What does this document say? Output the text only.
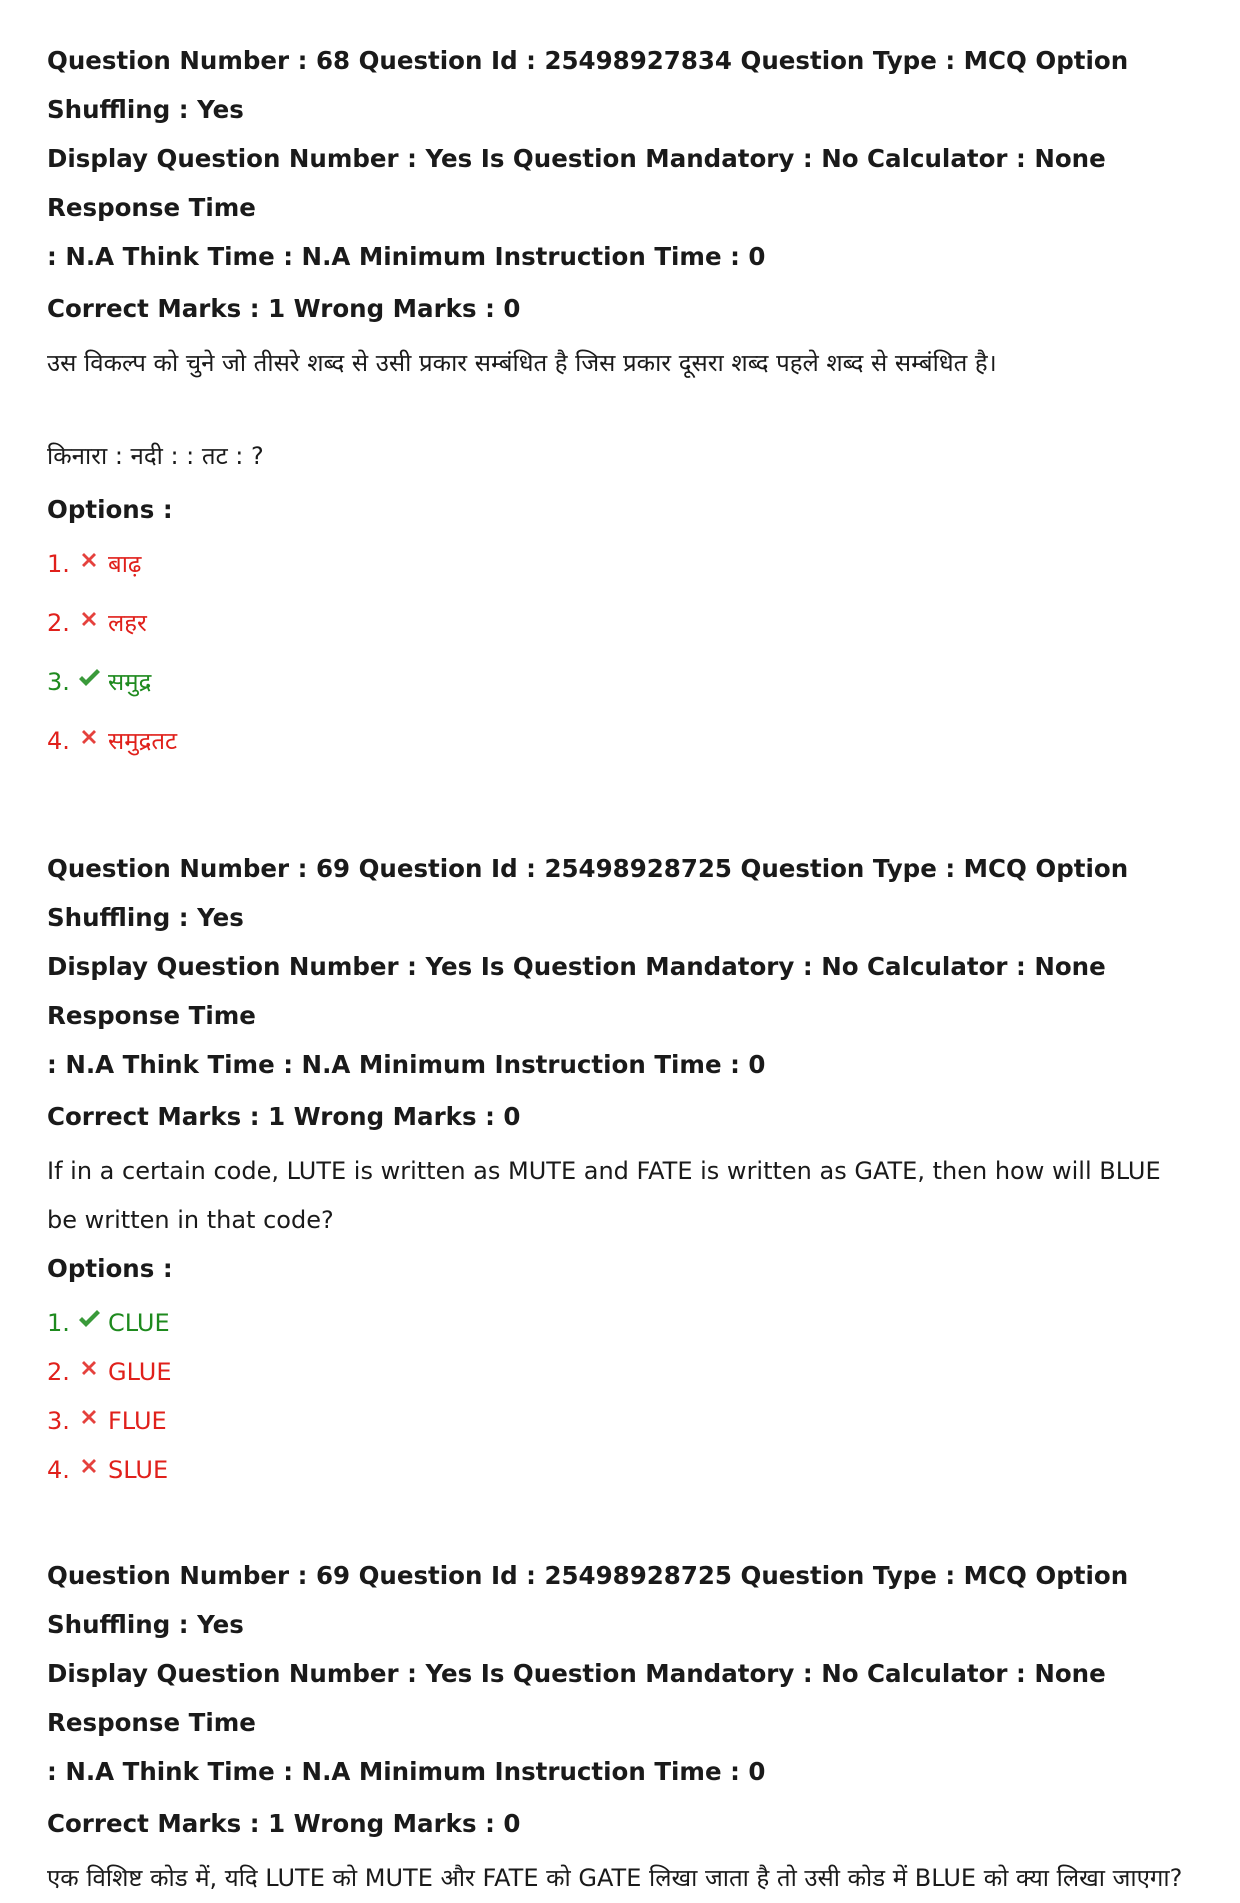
Question Number : 68 Question Id : 25498927834 Question Type : MCQ Option Shuffling : Yes

Display Question Number : Yes Is Question Mandatory : No Calculator : None Response Time

: N.A Think Time : N.A Minimum Instruction Time : 0

Correct Marks : 1 Wrong Marks : 0

उस विकल्प को चुने जो तीसरे शब्द से उसी प्रकार सम्बंधित है जिस प्रकार दूसरा शब्द पहले शब्द से सम्बंधित है।

किनारा : नदी : : तट : ?

Options :

1. बाढ़
2. लहर
3. समुद्र
4. समुद्रतट

Question Number : 69 Question Id : 25498928725 Question Type : MCQ Option Shuffling : Yes

Display Question Number : Yes Is Question Mandatory : No Calculator : None Response Time

: N.A Think Time : N.A Minimum Instruction Time : 0

Correct Marks : 1 Wrong Marks : 0

If in a certain code, LUTE is written as MUTE and FATE is written as GATE, then how will BLUE be written in that code?

Options :

1. CLUE
2. GLUE
3. FLUE
4. SLUE

Question Number : 69 Question Id : 25498928725 Question Type : MCQ Option Shuffling : Yes

Display Question Number : Yes Is Question Mandatory : No Calculator : None Response Time

: N.A Think Time : N.A Minimum Instruction Time : 0

Correct Marks : 1 Wrong Marks : 0

एक विशिष्ट कोड में, यदि LUTE को MUTE और FATE को GATE लिखा जाता है तो उसी कोड में BLUE को क्या लिखा जाएगा?
